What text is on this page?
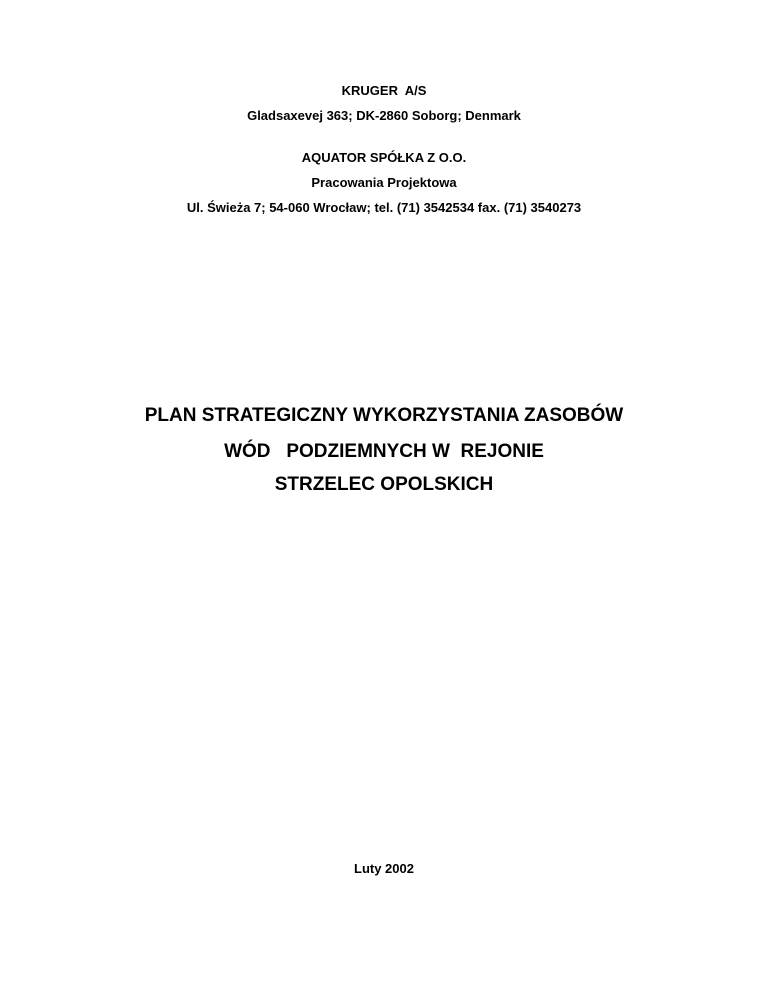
KRUGER  A/S
Gladsaxevej 363; DK-2860 Soborg; Denmark
AQUATOR SPÓŁKA Z O.O.
Pracowania Projektowa
Ul. Świeża 7; 54-060 Wrocław; tel. (71) 3542534 fax. (71) 3540273
PLAN STRATEGICZNY WYKORZYSTANIA ZASOBÓW
WÓD   PODZIEMNYCH W  REJONIE
STRZELEC OPOLSKICH
Luty 2002
